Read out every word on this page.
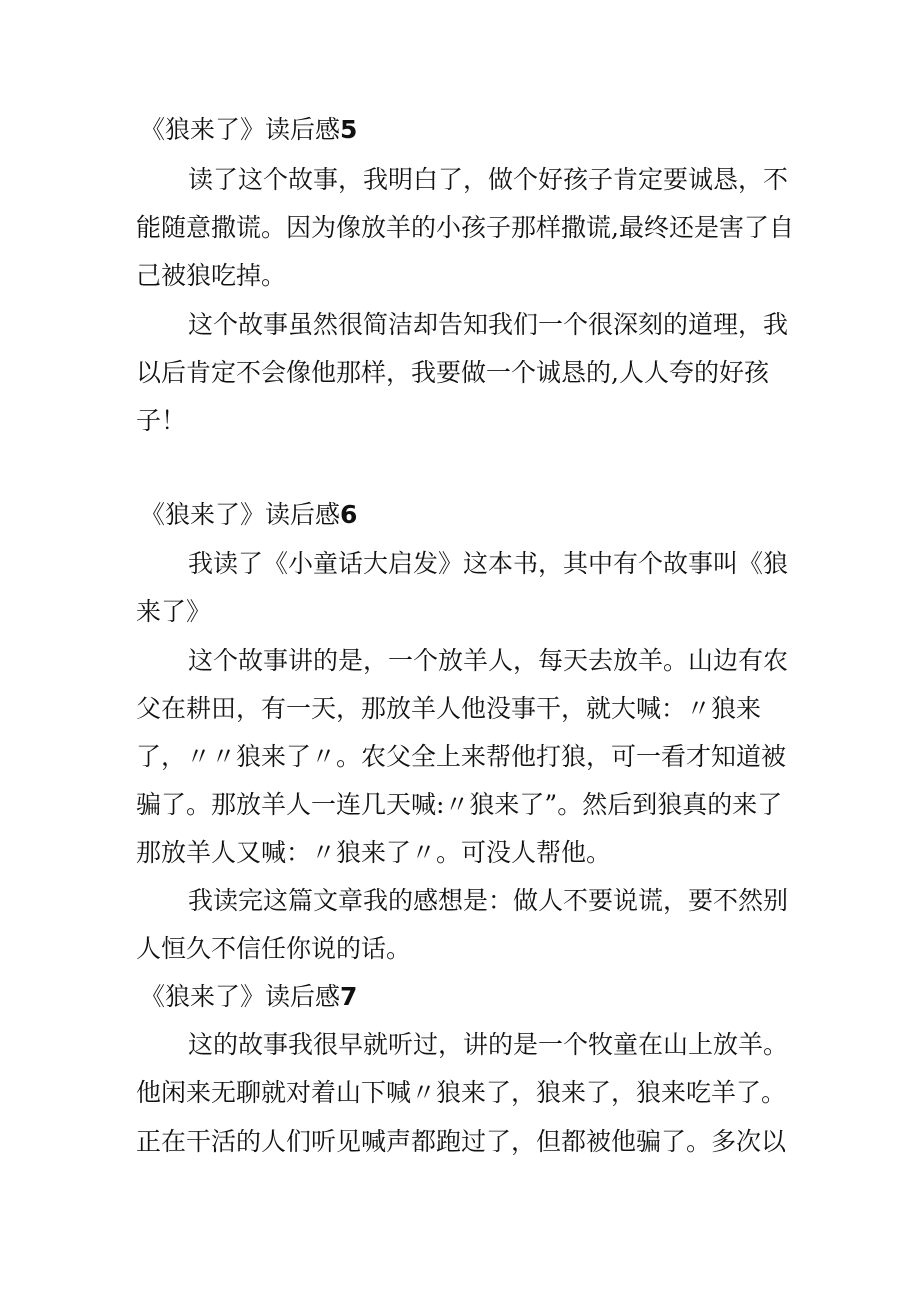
《狼来了》读后感5
读了这个故事，我明白了，做个好孩子肯定要诚恳，不
能随意撒谎。因为像放羊的小孩子那样撒谎,最终还是害了自
己被狼吃掉。
这个故事虽然很简洁却告知我们一个很深刻的道理，我
以后肯定不会像他那样，我要做一个诚恳的,人人夸的好孩
子！
《狼来了》读后感6
我读了《小童话大启发》这本书，其中有个故事叫《狼
来了》
这个故事讲的是，一个放羊人，每天去放羊。山边有农
父在耕田，有一天，那放羊人他没事干，就大喊：〃狼来
了，〃〃狼来了〃。农父全上来帮他打狼，可一看才知道被
骗了。那放羊人一连几天喊:〃狼来了”。然后到狼真的来了
那放羊人又喊：〃狼来了〃。可没人帮他。
我读完这篇文章我的感想是：做人不要说谎，要不然别
人恒久不信任你说的话。
《狼来了》读后感7
这的故事我很早就听过，讲的是一个牧童在山上放羊。
他闲来无聊就对着山下喊〃狼来了，狼来了，狼来吃羊了。
正在干活的人们听见喊声都跑过了，但都被他骗了。多次以
